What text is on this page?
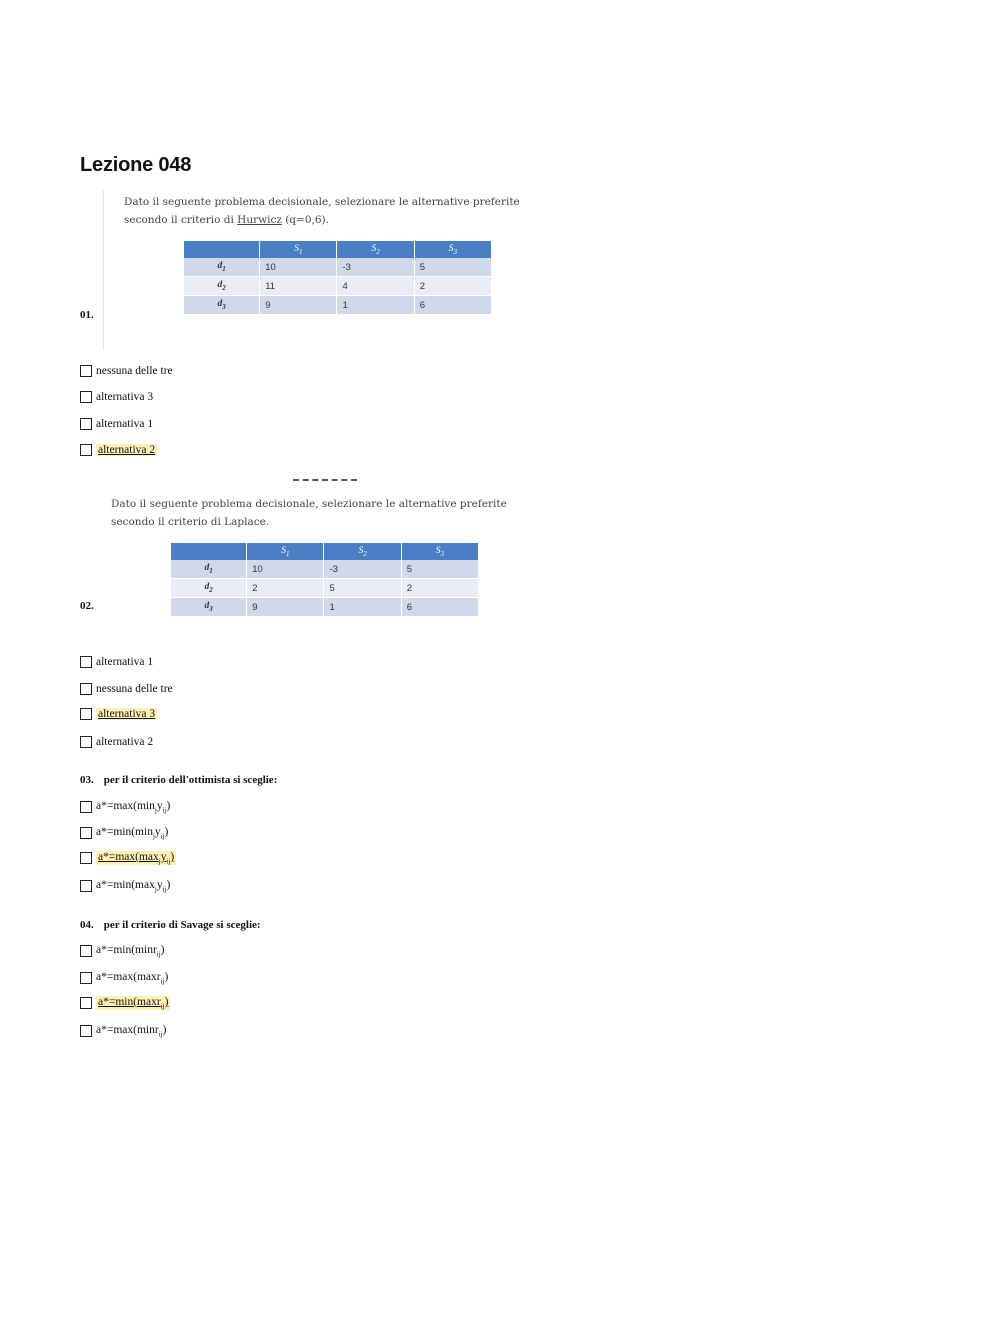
Lezione 048
Dato il seguente problema decisionale, selezionare le alternative preferite secondo il criterio di Hurwicz (q=0,6).
	$S_1$	$S_2$	$S_3$
$d_1$	10	-3	5
$d_2$	11	4	2
$d_3$	9	1	6
01.
nessuna delle tre
alternativa 3
alternativa 1
alternativa 2
Dato il seguente problema decisionale, selezionare le alternative preferite secondo il criterio di Laplace.
	$S_1$	$S_2$	$S_3$
$d_1$	10	-3	5
$d_2$	2	5	2
$d_3$	9	1	6
02.
alternativa 1
nessuna delle tre
alternativa 3
alternativa 2
03. per il criterio dell'ottimista si sceglie:
$a*=\max(\min_jy_{ij})$
$a*=\min(\min_jy_{ij})$
$a*=\max(\max_jy_{ij})$
$a*=\min(\max_jy_{ij})$
04. per il criterio di Savage si sceglie:
a*=min(minr$_{ij}$)
a*=max(maxr$_{ij}$)
a*=min(maxr$_{ij}$)
a*=max(minr$_{ij}$)
